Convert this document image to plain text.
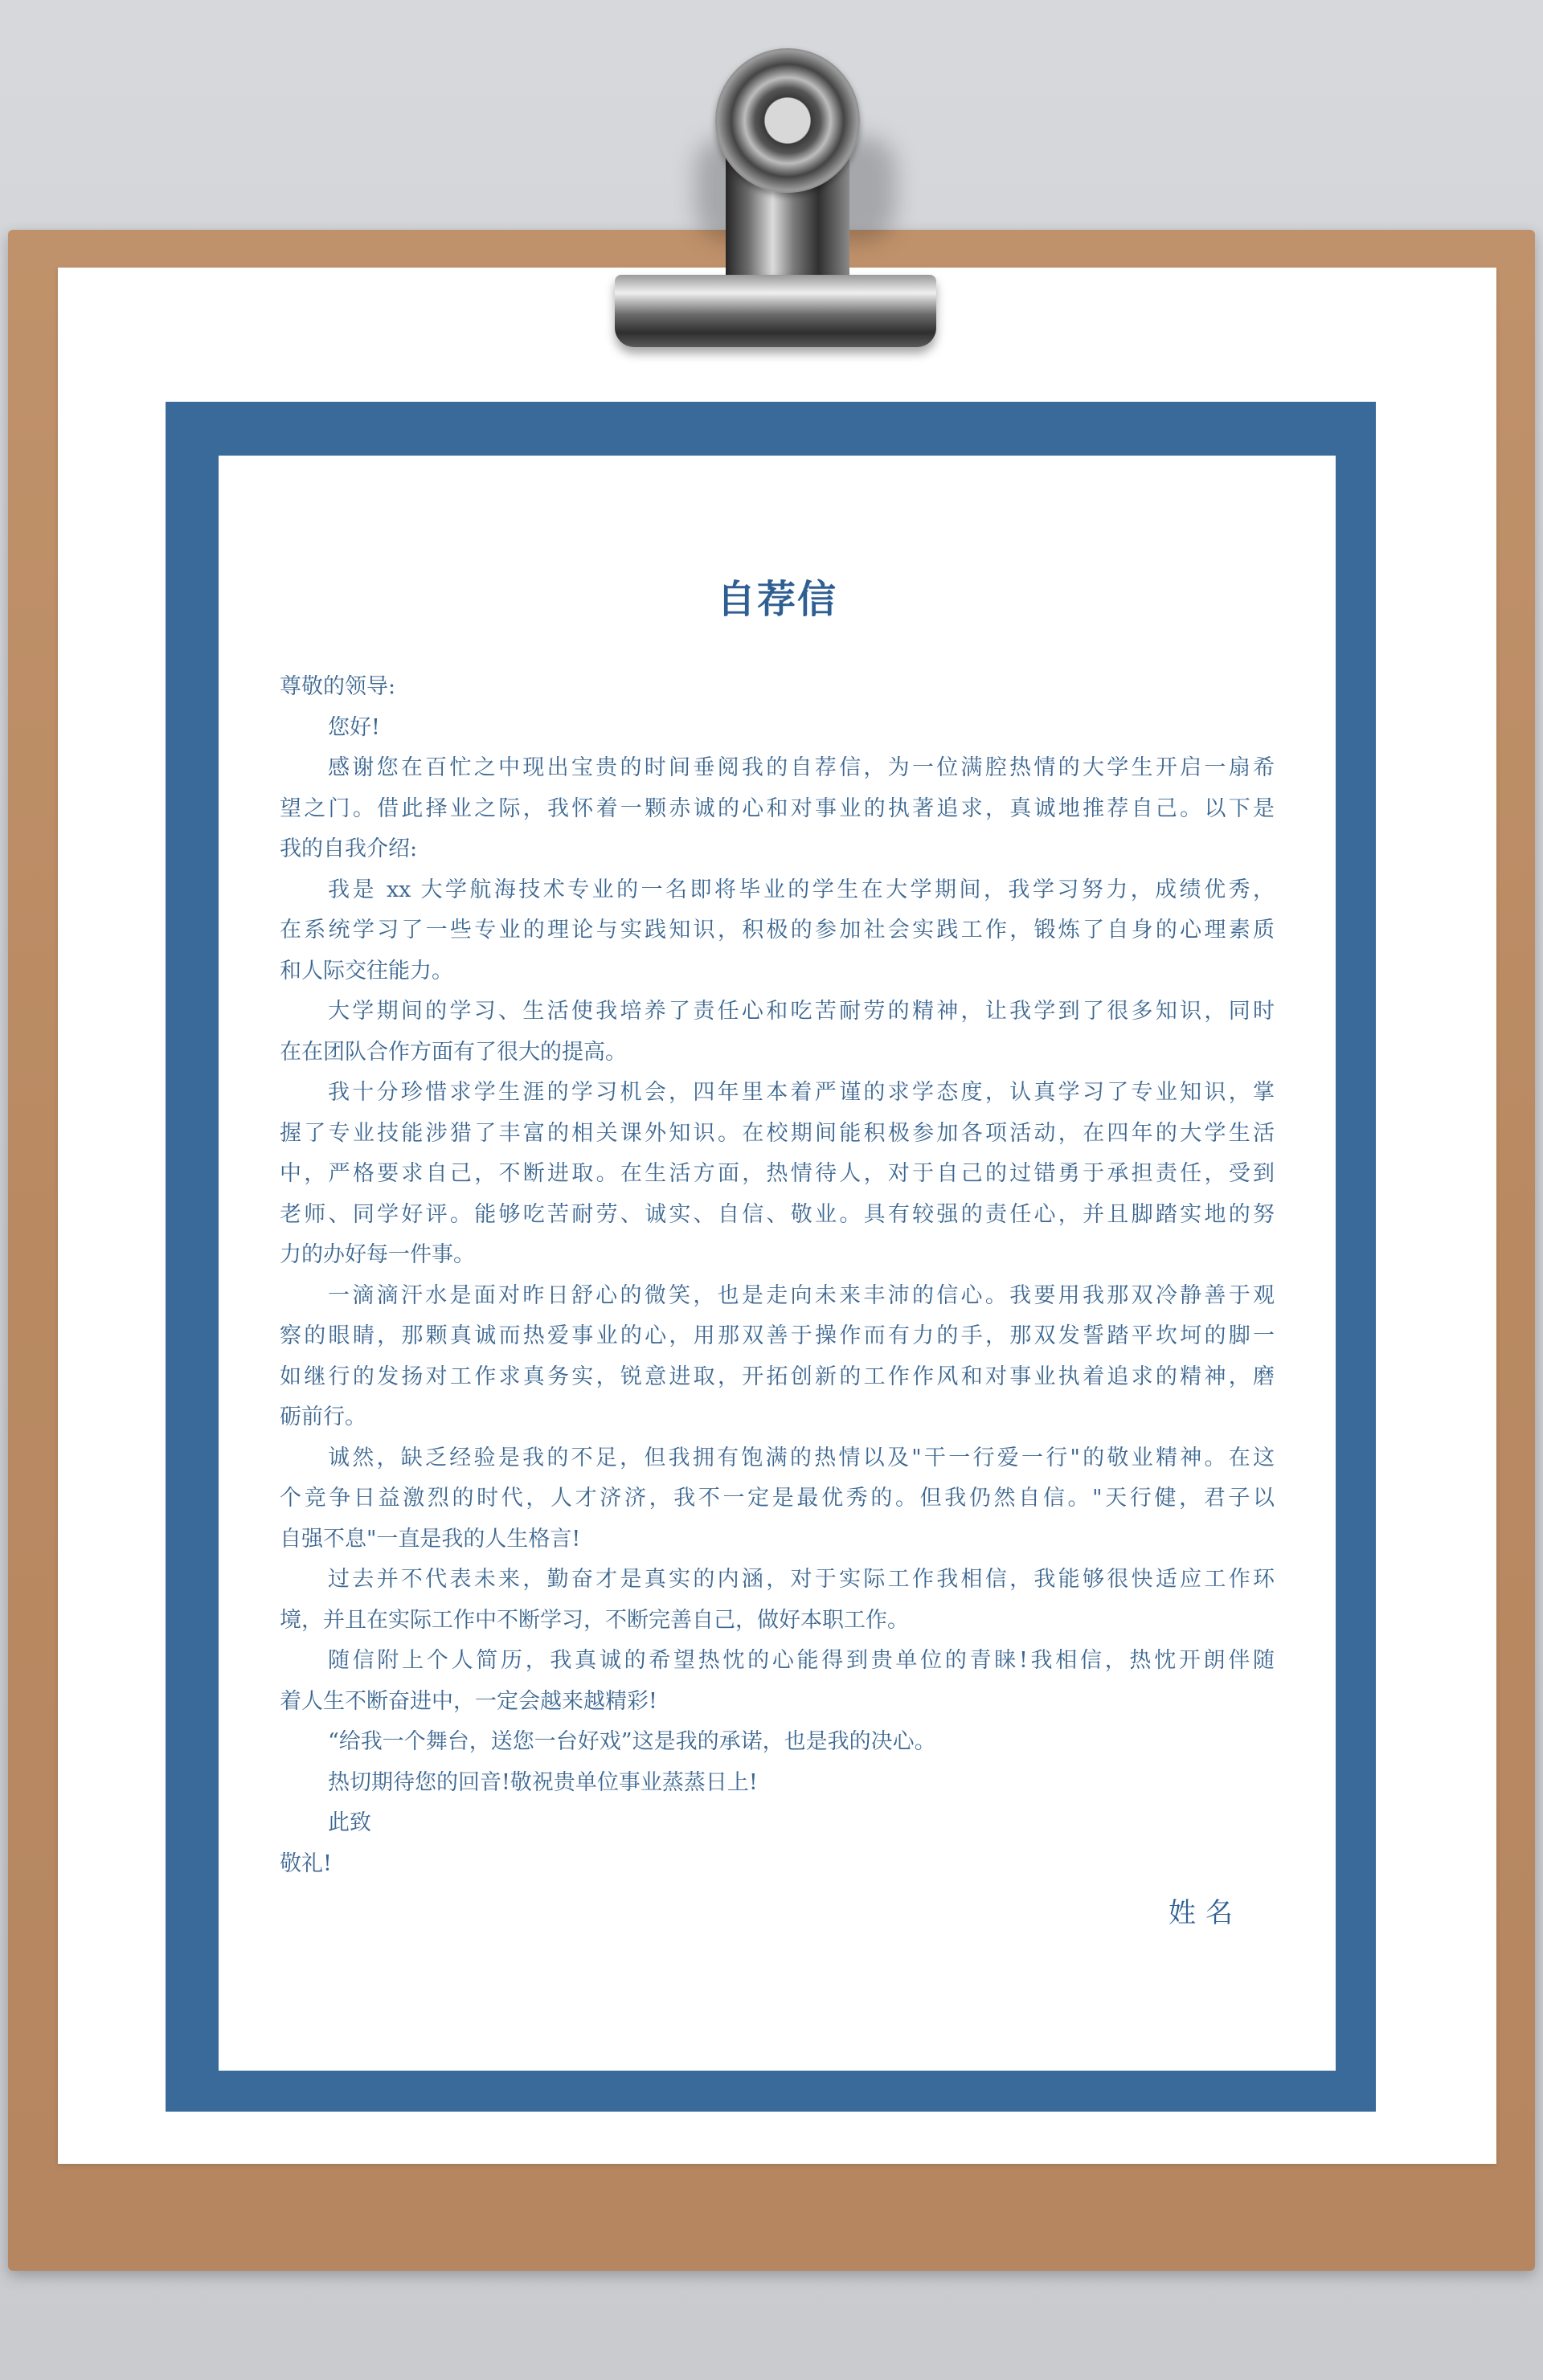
自荐信
尊敬的领导:
您好!
感谢您在百忙之中现出宝贵的时间垂阅我的自荐信，为一位满腔热情的大学生开启一扇希
望之门。借此择业之际，我怀着一颗赤诚的心和对事业的执著追求，真诚地推荐自己。以下是
我的自我介绍:
我是 xx 大学航海技术专业的一名即将毕业的学生在大学期间，我学习努力，成绩优秀，
在系统学习了一些专业的理论与实践知识，积极的参加社会实践工作，锻炼了自身的心理素质
和人际交往能力。
大学期间的学习、生活使我培养了责任心和吃苦耐劳的精神，让我学到了很多知识，同时
在在团队合作方面有了很大的提高。
我十分珍惜求学生涯的学习机会，四年里本着严谨的求学态度，认真学习了专业知识，掌
握了专业技能涉猎了丰富的相关课外知识。在校期间能积极参加各项活动，在四年的大学生活
中，严格要求自己，不断进取。在生活方面，热情待人，对于自己的过错勇于承担责任，受到
老师、同学好评。能够吃苦耐劳、诚实、自信、敬业。具有较强的责任心，并且脚踏实地的努
力的办好每一件事。
一滴滴汗水是面对昨日舒心的微笑，也是走向未来丰沛的信心。我要用我那双冷静善于观
察的眼睛，那颗真诚而热爱事业的心，用那双善于操作而有力的手，那双发誓踏平坎坷的脚一
如继行的发扬对工作求真务实，锐意进取，开拓创新的工作作风和对事业执着追求的精神，磨
砺前行。
诚然，缺乏经验是我的不足，但我拥有饱满的热情以及"干一行爱一行"的敬业精神。在这
个竞争日益激烈的时代，人才济济，我不一定是最优秀的。但我仍然自信。"天行健，君子以
自强不息"一直是我的人生格言!
过去并不代表未来，勤奋才是真实的内涵，对于实际工作我相信，我能够很快适应工作环
境，并且在实际工作中不断学习，不断完善自己，做好本职工作。
随信附上个人简历，我真诚的希望热忱的心能得到贵单位的青睐!我相信，热忱开朗伴随
着人生不断奋进中，一定会越来越精彩!
“给我一个舞台，送您一台好戏”这是我的承诺，也是我的决心。
热切期待您的回音!敬祝贵单位事业蒸蒸日上!
此致
敬礼!
姓名
